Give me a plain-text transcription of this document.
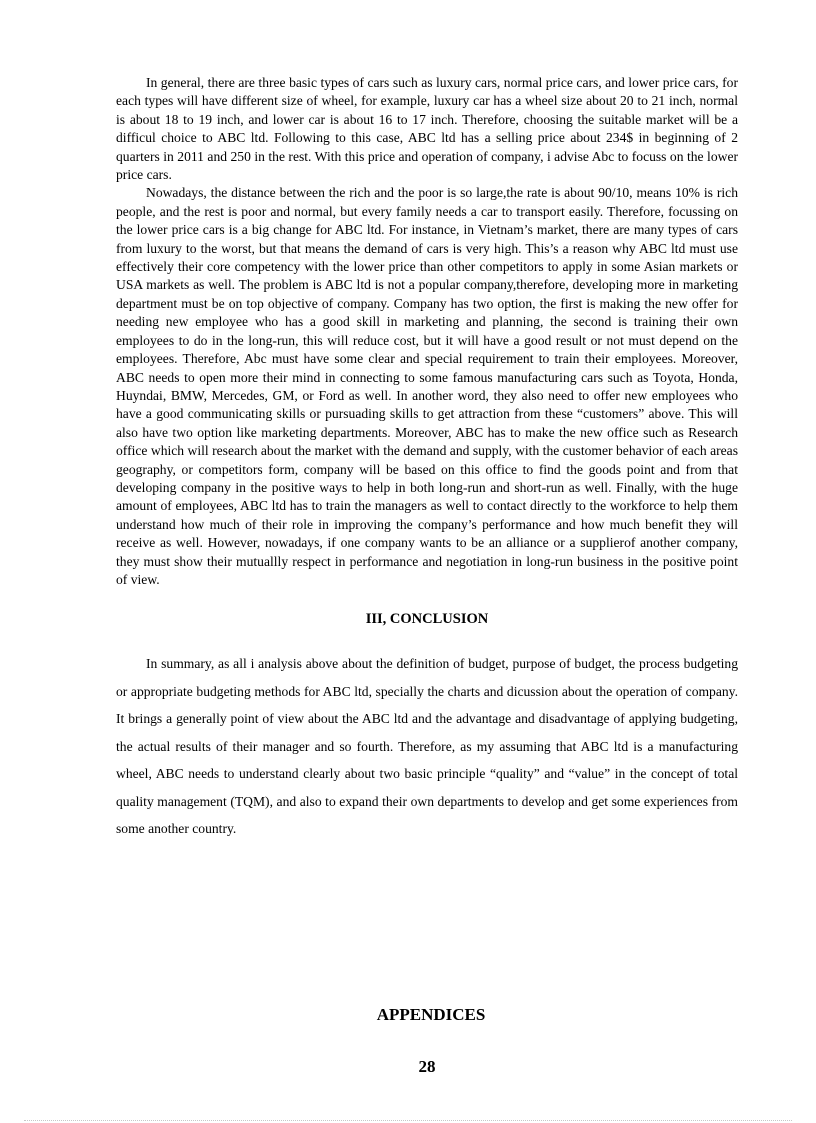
In general, there are three basic types of cars such as luxury cars, normal price cars, and lower price cars, for each types will have different size of wheel, for example, luxury car has a wheel size about 20 to 21 inch, normal is about 18 to 19 inch, and lower car is about 16 to 17 inch. Therefore, choosing the suitable market will be a difficul choice to ABC ltd. Following to this case, ABC ltd has a selling price about 234$ in beginning of 2 quarters in 2011 and 250 in the rest. With this price and operation of company, i advise Abc to focuss on the lower price cars.

Nowadays, the distance between the rich and the poor is so large,the rate is about 90/10, means 10% is rich people, and the rest is poor and normal, but every family needs a car to transport easily. Therefore, focussing on the lower price cars is a big change for ABC ltd. For instance, in Vietnam’s market, there are many types of cars from luxury to the worst, but that means the demand of cars is very high. This’s a reason why ABC ltd must use effectively their core competency with the lower price than other competitors to apply in some Asian markets or USA markets as well. The problem is ABC ltd is not a popular company,therefore, developing more in marketing department must be on top objective of company. Company has two option, the first is making the new offer for needing new employee who has a good skill in marketing and planning, the second is training their own employees to do in the long-run, this will reduce cost, but it will have a good result or not must depend on the employees. Therefore, Abc must have some clear and special requirement to train their employees. Moreover, ABC needs to open more their mind in connecting to some famous manufacturing cars such as Toyota, Honda, Huyndai, BMW, Mercedes, GM, or Ford as well. In another word, they also need to offer new employees who have a good communicating skills or pursuading skills to get attraction from these “customers” above. This will also have two option like marketing departments. Moreover, ABC has to make the new office such as Research office which will research about the market with the demand and supply, with the customer behavior of each areas geography, or competitors form, company will be based on this office to find the goods point and from that developing company in the positive ways to help in both long-run and short-run as well. Finally, with the huge amount of employees, ABC ltd has to train the managers as well to contact directly to the workforce to help them understand how much of their role in improving the company’s performance and how much benefit they will receive as well. However, nowadays, if one company wants to be an alliance or a supplierof another company, they must show their mutuallly respect in performance and negotiation in long-run business in the positive point of view.

III, CONCLUSION

In summary, as all i analysis above about the definition of budget, purpose of budget, the process budgeting or appropriate budgeting methods for ABC ltd, specially the charts and dicussion about the operation of company. It brings a generally point of view about the ABC ltd and the advantage and disadvantage of applying budgeting, the actual results of their manager and so fourth. Therefore, as my assuming that ABC ltd is a manufacturing wheel, ABC needs to understand clearly about two basic principle “quality” and “value” in the concept of total quality management (TQM), and also to expand their own departments to develop and get some experiences from some another country.

APPENDICES
28
